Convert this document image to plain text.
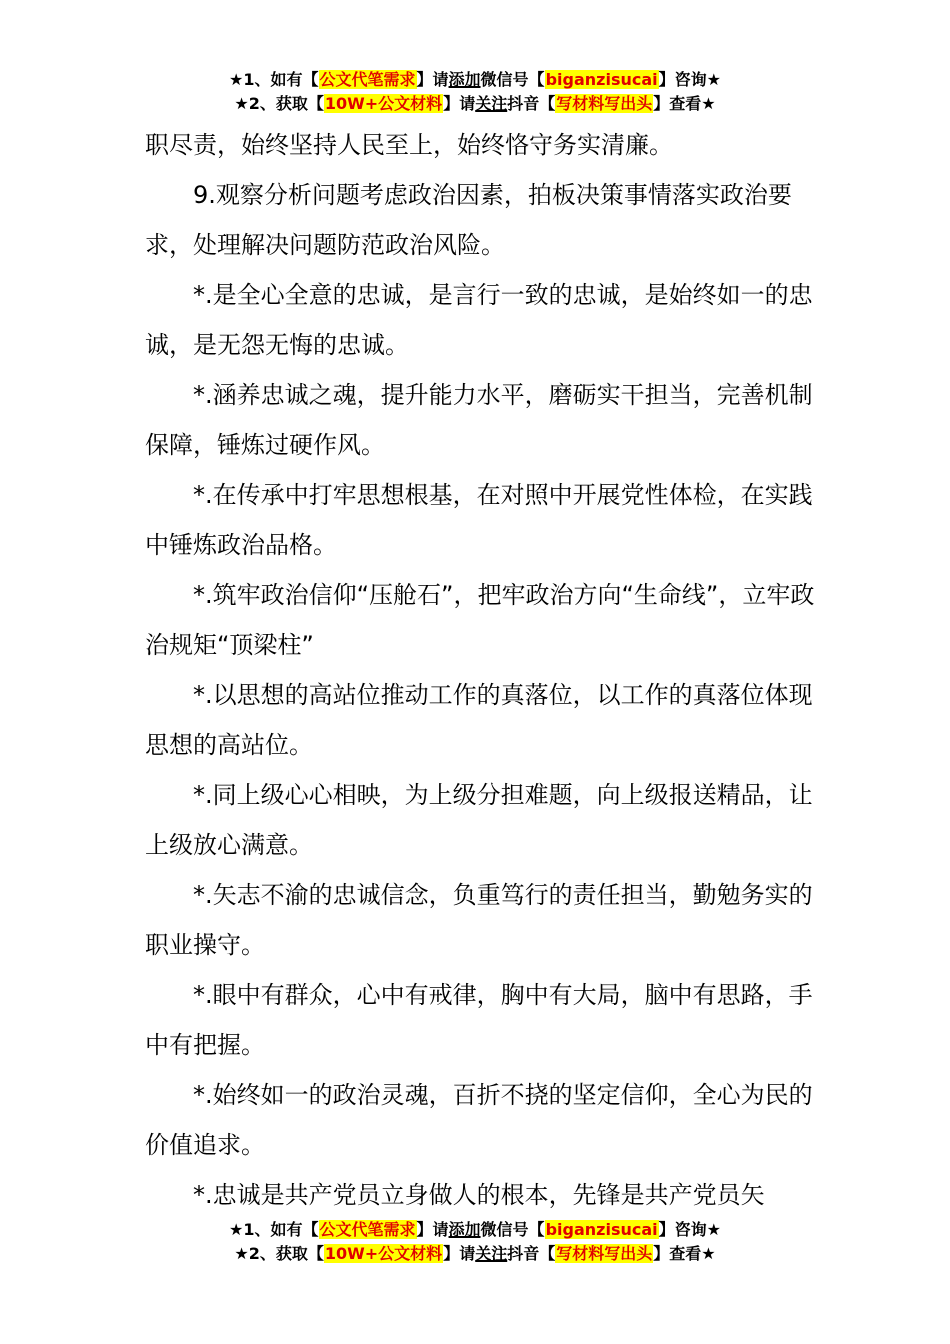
★1、如有【公文代笔需求】请添加微信号【biganzisucai】咨询★
★2、获取【10W+公文材料】请关注抖音【写材料写出头】查看★

职尽责，始终坚持人民至上，始终恪守务实清廉。

9.观察分析问题考虑政治因素，拍板决策事情落实政治要求，处理解决问题防范政治风险。

*.是全心全意的忠诚，是言行一致的忠诚，是始终如一的忠诚，是无怨无悔的忠诚。

*.涵养忠诚之魂，提升能力水平，磨砺实干担当，完善机制保障，锤炼过硬作风。

*.在传承中打牢思想根基，在对照中开展党性体检，在实践中锤炼政治品格。

*.筑牢政治信仰“压舱石”，把牢政治方向“生命线”，立牢政治规矩“顶梁柱”

*.以思想的高站位推动工作的真落位，以工作的真落位体现思想的高站位。

*.同上级心心相映，为上级分担难题，向上级报送精品，让上级放心满意。

*.矢志不渝的忠诚信念，负重笃行的责任担当，勤勉务实的职业操守。

*.眼中有群众，心中有戒律，胸中有大局，脑中有思路，手中有把握。

*.始终如一的政治灵魂，百折不挠的坚定信仰，全心为民的价值追求。

*.忠诚是共产党员立身做人的根本，先锋是共产党员矢

★1、如有【公文代笔需求】请添加微信号【biganzisucai】咨询★
★2、获取【10W+公文材料】请关注抖音【写材料写出头】查看★
